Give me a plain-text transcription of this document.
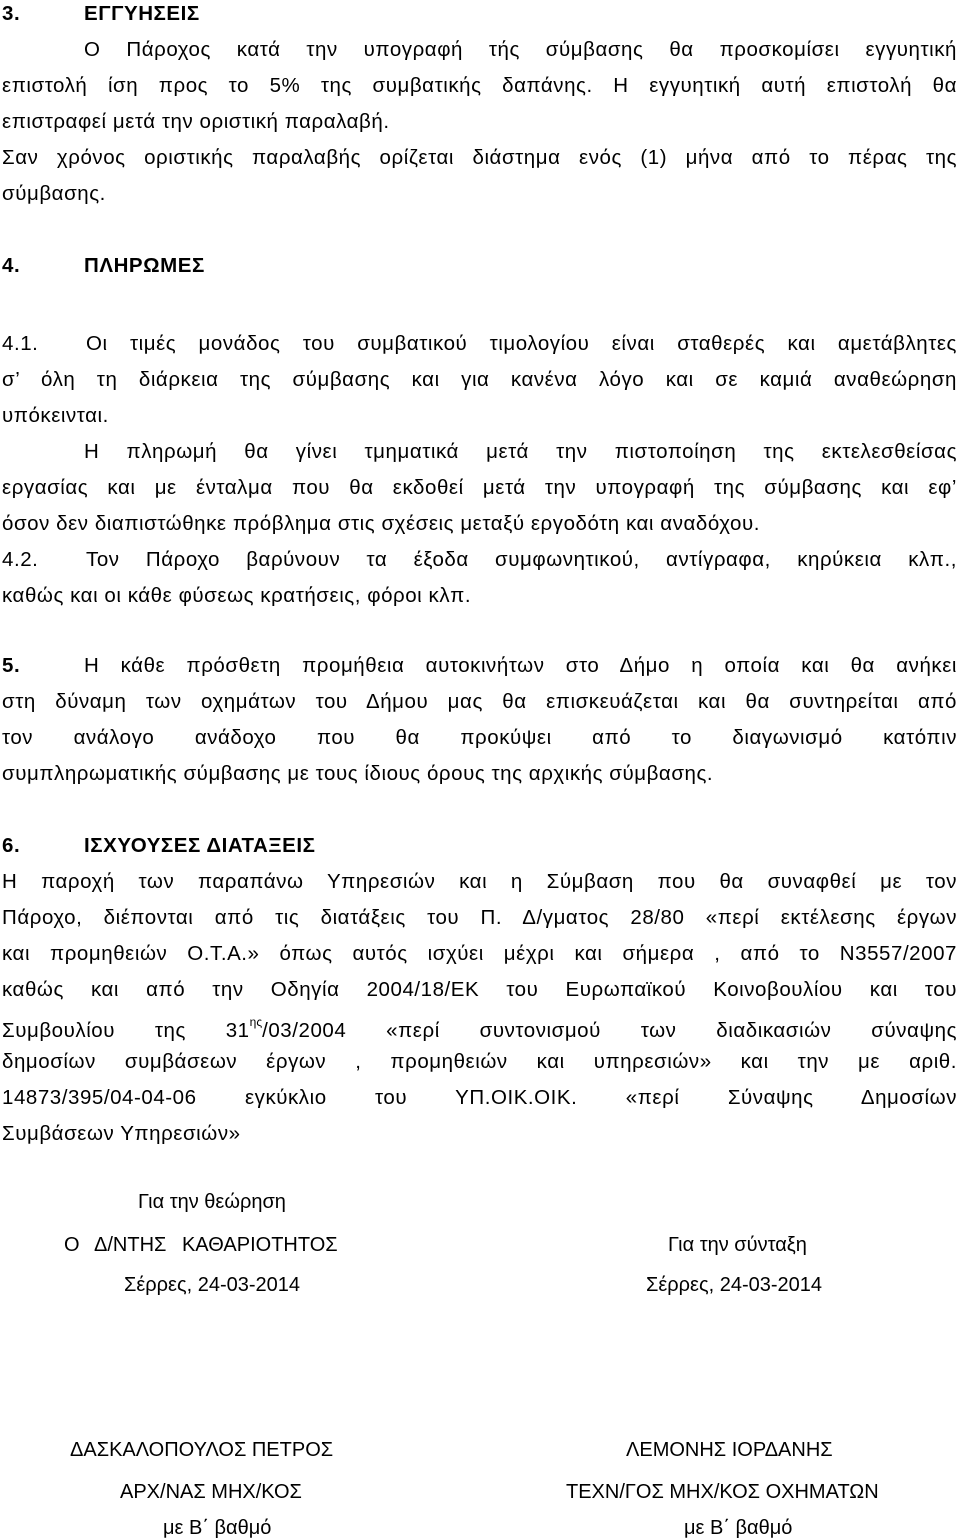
3.	ΕΓΓΥΗΣΕΙΣ
Ο Πάροχος κατά την υπογραφή τής σύμβασης θα προσκομίσει εγγυητική
επιστολή ίση προς το 5% της συμβατικής δαπάνης. Η εγγυητική αυτή επιστολή θα
επιστραφεί μετά την οριστική παραλαβή.
Σαν χρόνος οριστικής παραλαβής ορίζεται διάστημα ενός (1) μήνα από το πέρας της
σύμβασης.
4.	ΠΛΗΡΩΜΕΣ
4.1. Οι τιμές μονάδος του συμβατικού τιμολογίου είναι σταθερές και αμετάβλητες
σ’ όλη τη διάρκεια της σύμβασης και για κανένα λόγο και σε καμιά αναθεώρηση
υπόκεινται.
Η πληρωμή θα γίνει τμηματικά μετά την πιστοποίηση της εκτελεσθείσας
εργασίας και με ένταλμα που θα εκδοθεί μετά την υπογραφή της σύμβασης και εφ’
όσον δεν διαπιστώθηκε πρόβλημα στις σχέσεις μεταξύ εργοδότη και αναδόχου.
4.2. Τον Πάροχο βαρύνουν τα έξοδα συμφωνητικού, αντίγραφα, κηρύκεια κλπ.,
καθώς και οι κάθε φύσεως κρατήσεις, φόροι κλπ.
5.	Η κάθε πρόσθετη προμήθεια αυτοκινήτων στο Δήμο η οποία και θα ανήκει
στη δύναμη των οχημάτων του Δήμου μας θα επισκευάζεται και θα συντηρείται από
τον ανάλογο ανάδοχο που θα προκύψει από το διαγωνισμό κατόπιν
συμπληρωματικής σύμβασης με τους ίδιους όρους της αρχικής σύμβασης.
6.	ΙΣΧΥΟΥΣΕΣ ΔΙΑΤΑΞΕΙΣ
Η παροχή των παραπάνω Υπηρεσιών και η Σύμβαση που θα συναφθεί με τον
Πάροχο, διέπονται από τις διατάξεις του Π. Δ/γματος 28/80 «περί εκτέλεσης έργων
και προμηθειών Ο.Τ.Α.» όπως αυτός ισχύει μέχρι και σήμερα , από το Ν3557/2007
καθώς και από την Οδηγία 2004/18/ΕΚ του Ευρωπαϊκού Κοινοβουλίου και του
Συμβουλίου της $31^{\eta\varsigma}/03/2004$ «περί συντονισμού των διαδικασιών σύναψης
δημοσίων συμβάσεων έργων , προμηθειών και υπηρεσιών» και την με αριθ.
14873/395/04-04-06 εγκύκλιο του ΥΠ.ΟΙΚ.ΟΙΚ. «περί Σύναψης Δημοσίων
Συμβάσεων Υπηρεσιών»
Για την θεώρηση
Ο Δ/ΝΤΗΣ ΚΑΘΑΡΙΟΤΗΤΟΣ	Για την σύνταξη
Σέρρες, 24-03-2014	Σέρρες, 24-03-2014
ΔΑΣΚΑΛΟΠΟΥΛΟΣ ΠΕΤΡΟΣ	ΛΕΜΟΝΗΣ ΙΟΡΔΑΝΗΣ
ΑΡΧ/ΝΑΣ ΜΗΧ/ΚΟΣ	ΤΕΧΝ/ΓΟΣ ΜΗΧ/ΚΟΣ ΟΧΗΜΑΤΩΝ
με Β΄ βαθμό	με Β΄ βαθμό
